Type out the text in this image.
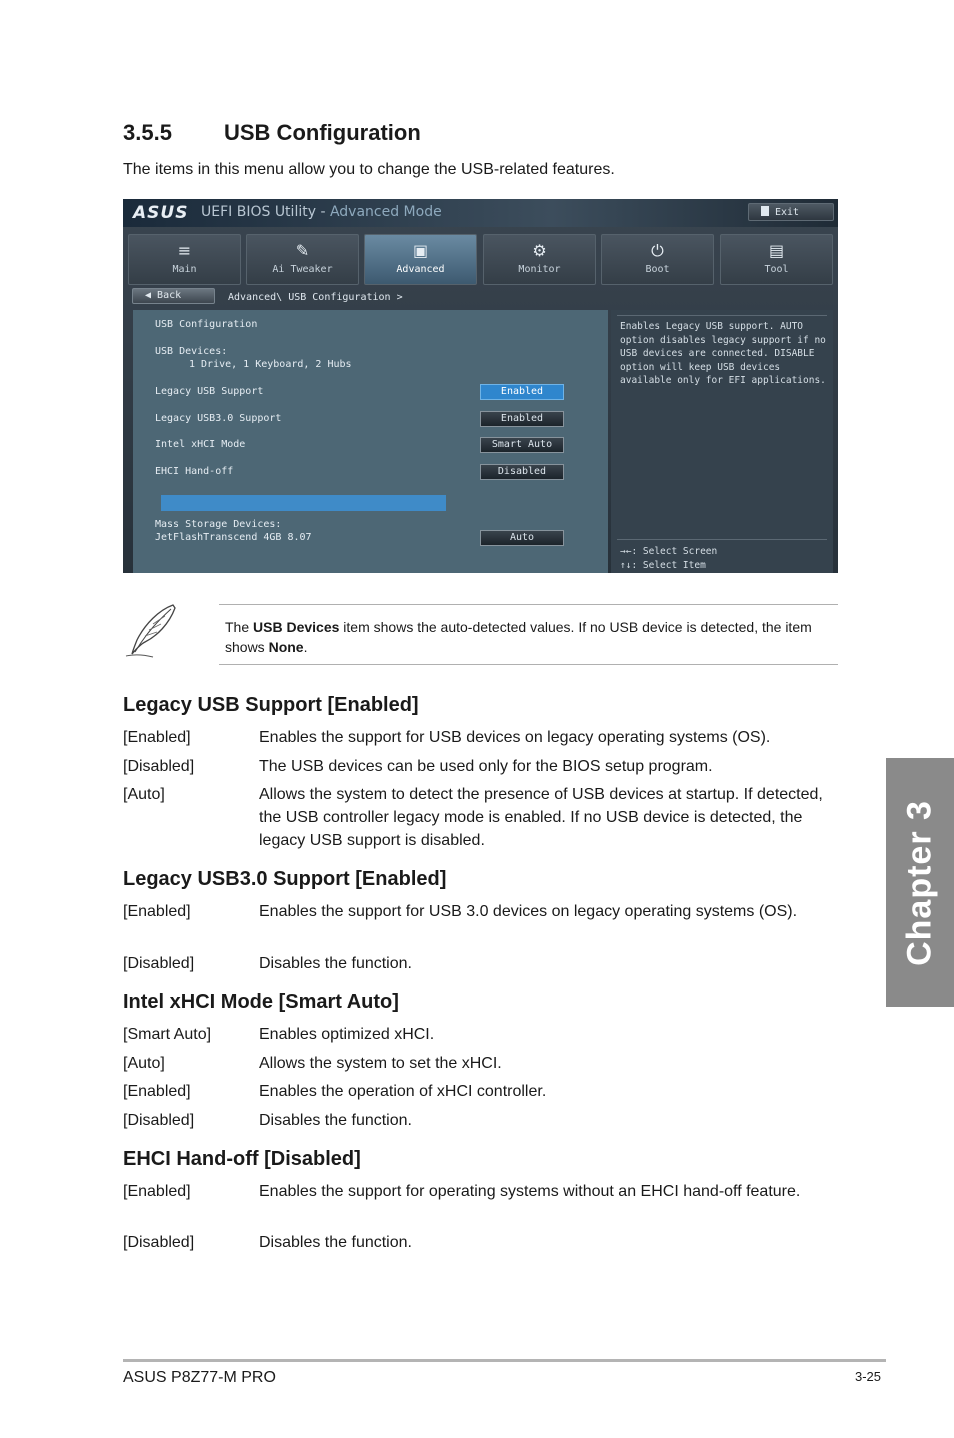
3.5.5 USB Configuration
The items in this menu allow you to change the USB-related features.
ASUS UEFI BIOS Utility - Advanced Mode	Exit
≡
Main
✎
Ai Tweaker
▣
Advanced
⚙
Monitor
⏻
Boot
▤
Tool
◀ Back	Advanced\ USB Configuration >
USB Configuration
USB Devices:
1 Drive, 1 Keyboard, 2 Hubs
Legacy USB Support	Enabled
Legacy USB3.0 Support	Enabled
Intel xHCI Mode	Smart Auto
EHCI Hand-off	Disabled
Mass Storage Devices:
JetFlashTranscend 4GB 8.07	Auto
Enables Legacy USB support. AUTO
option disables legacy support if no
USB devices are connected. DISABLE
option will keep USB devices
available only for EFI applications.
→←: Select Screen
↑↓: Select Item
The USB Devices item shows the auto-detected values. If no USB device is detected, the item shows None.
Legacy USB Support [Enabled]
[Enabled]	Enables the support for USB devices on legacy operating systems (OS).
[Disabled]	The USB devices can be used only for the BIOS setup program.
[Auto]	Allows the system to detect the presence of USB devices at startup. If detected, the USB controller legacy mode is enabled. If no USB device is detected, the legacy USB support is disabled.
Legacy USB3.0 Support [Enabled]
[Enabled]	Enables the support for USB 3.0 devices on legacy operating systems (OS).
[Disabled]	Disables the function.
Intel xHCI Mode [Smart Auto]
[Smart Auto]	Enables optimized xHCI.
[Auto]	Allows the system to set the xHCI.
[Enabled]	Enables the operation of xHCI controller.
[Disabled]	Disables the function.
EHCI Hand-off [Disabled]
[Enabled]	Enables the support for operating systems without an EHCI hand-off feature.
[Disabled]	Disables the function.
Chapter 3
ASUS P8Z77-M PRO	3-25
